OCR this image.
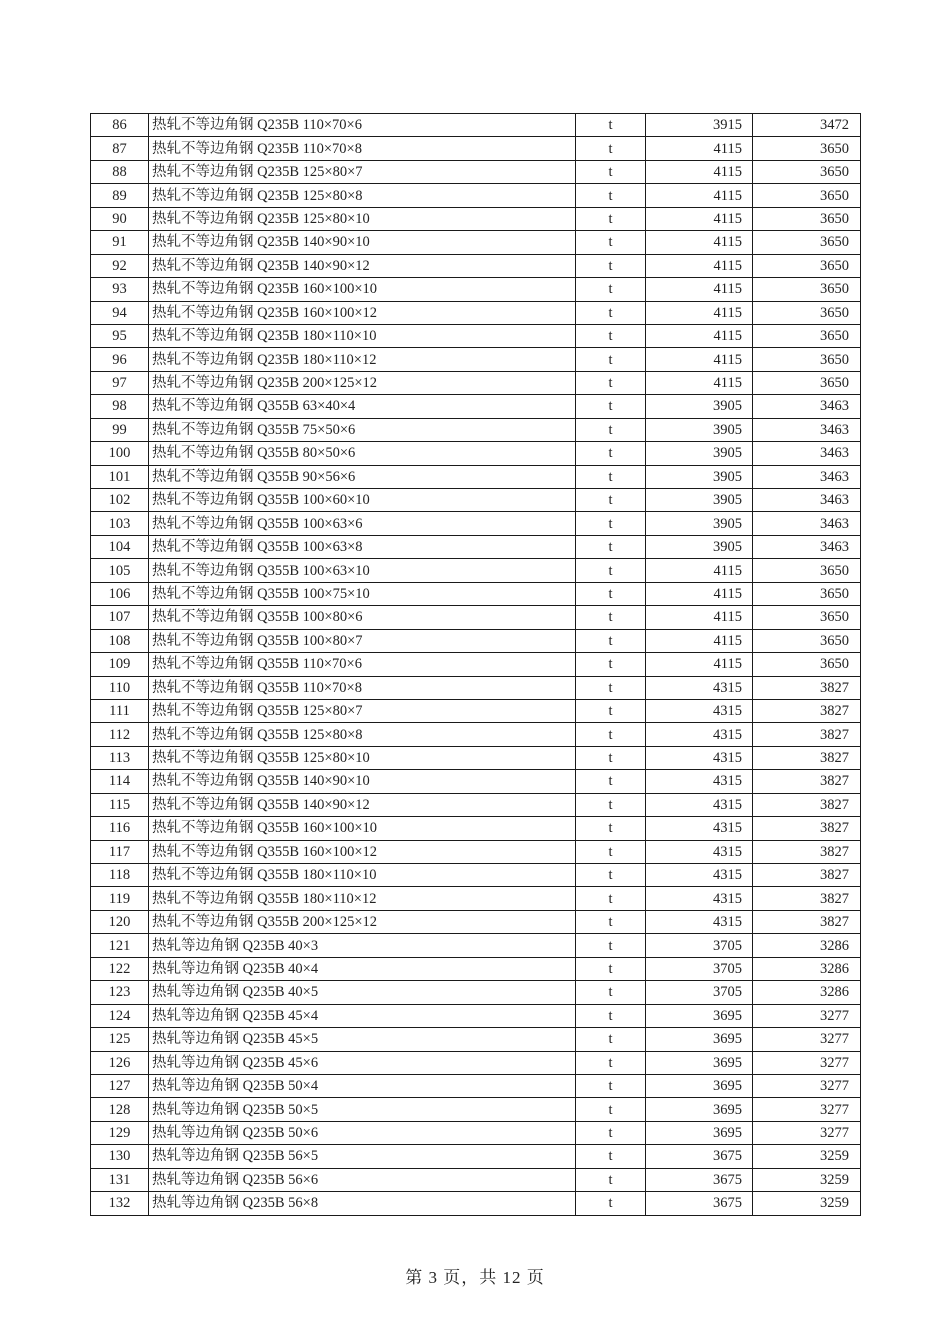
86	热轧不等边角钢 Q235B 110×70×6	t	3915	3472
87	热轧不等边角钢 Q235B 110×70×8	t	4115	3650
88	热轧不等边角钢 Q235B 125×80×7	t	4115	3650
89	热轧不等边角钢 Q235B 125×80×8	t	4115	3650
90	热轧不等边角钢 Q235B 125×80×10	t	4115	3650
91	热轧不等边角钢 Q235B 140×90×10	t	4115	3650
92	热轧不等边角钢 Q235B 140×90×12	t	4115	3650
93	热轧不等边角钢 Q235B 160×100×10	t	4115	3650
94	热轧不等边角钢 Q235B 160×100×12	t	4115	3650
95	热轧不等边角钢 Q235B 180×110×10	t	4115	3650
96	热轧不等边角钢 Q235B 180×110×12	t	4115	3650
97	热轧不等边角钢 Q235B 200×125×12	t	4115	3650
98	热轧不等边角钢 Q355B 63×40×4	t	3905	3463
99	热轧不等边角钢 Q355B 75×50×6	t	3905	3463
100	热轧不等边角钢 Q355B 80×50×6	t	3905	3463
101	热轧不等边角钢 Q355B 90×56×6	t	3905	3463
102	热轧不等边角钢 Q355B 100×60×10	t	3905	3463
103	热轧不等边角钢 Q355B 100×63×6	t	3905	3463
104	热轧不等边角钢 Q355B 100×63×8	t	3905	3463
105	热轧不等边角钢 Q355B 100×63×10	t	4115	3650
106	热轧不等边角钢 Q355B 100×75×10	t	4115	3650
107	热轧不等边角钢 Q355B 100×80×6	t	4115	3650
108	热轧不等边角钢 Q355B 100×80×7	t	4115	3650
109	热轧不等边角钢 Q355B 110×70×6	t	4115	3650
110	热轧不等边角钢 Q355B 110×70×8	t	4315	3827
111	热轧不等边角钢 Q355B 125×80×7	t	4315	3827
112	热轧不等边角钢 Q355B 125×80×8	t	4315	3827
113	热轧不等边角钢 Q355B 125×80×10	t	4315	3827
114	热轧不等边角钢 Q355B 140×90×10	t	4315	3827
115	热轧不等边角钢 Q355B 140×90×12	t	4315	3827
116	热轧不等边角钢 Q355B 160×100×10	t	4315	3827
117	热轧不等边角钢 Q355B 160×100×12	t	4315	3827
118	热轧不等边角钢 Q355B 180×110×10	t	4315	3827
119	热轧不等边角钢 Q355B 180×110×12	t	4315	3827
120	热轧不等边角钢 Q355B 200×125×12	t	4315	3827
121	热轧等边角钢 Q235B 40×3	t	3705	3286
122	热轧等边角钢 Q235B 40×4	t	3705	3286
123	热轧等边角钢 Q235B 40×5	t	3705	3286
124	热轧等边角钢 Q235B 45×4	t	3695	3277
125	热轧等边角钢 Q235B 45×5	t	3695	3277
126	热轧等边角钢 Q235B 45×6	t	3695	3277
127	热轧等边角钢 Q235B 50×4	t	3695	3277
128	热轧等边角钢 Q235B 50×5	t	3695	3277
129	热轧等边角钢 Q235B 50×6	t	3695	3277
130	热轧等边角钢 Q235B 56×5	t	3675	3259
131	热轧等边角钢 Q235B 56×6	t	3675	3259
132	热轧等边角钢 Q235B 56×8	t	3675	3259
第 3 页，共 12 页
